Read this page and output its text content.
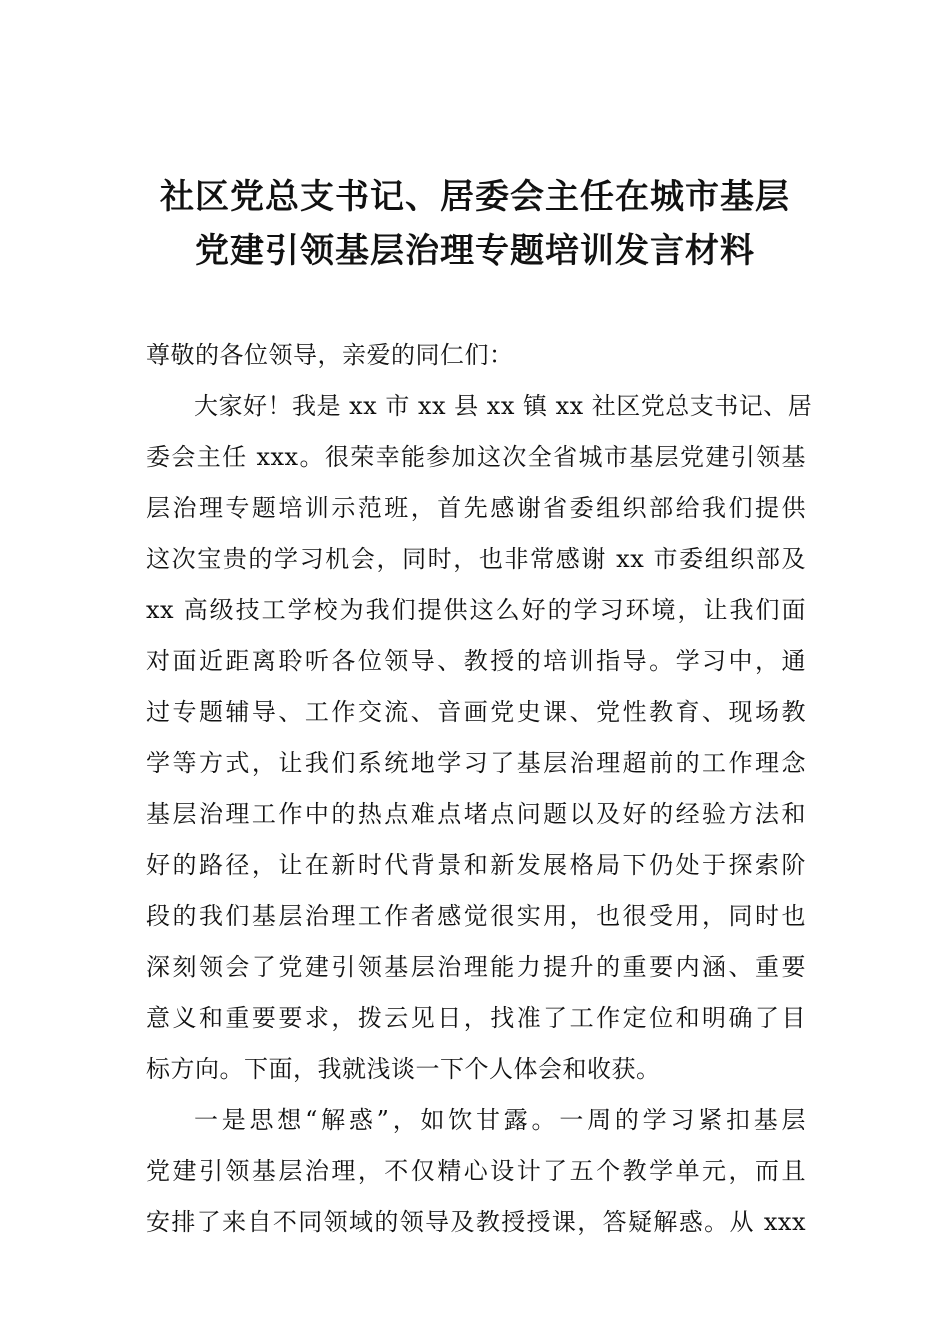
社区党总支书记、居委会主任在城市基层
党建引领基层治理专题培训发言材料
尊敬的各位领导，亲爱的同仁们：
大家好！我是 xx 市 xx 县 xx 镇 xx 社区党总支书记、居
委会主任 xxx。很荣幸能参加这次全省城市基层党建引领基
层治理专题培训示范班，首先感谢省委组织部给我们提供
这次宝贵的学习机会，同时，也非常感谢 xx 市委组织部及
xx 高级技工学校为我们提供这么好的学习环境，让我们面
对面近距离聆听各位领导、教授的培训指导。学习中，通
过专题辅导、工作交流、音画党史课、党性教育、现场教
学等方式，让我们系统地学习了基层治理超前的工作理念
基层治理工作中的热点难点堵点问题以及好的经验方法和
好的路径，让在新时代背景和新发展格局下仍处于探索阶
段的我们基层治理工作者感觉很实用，也很受用，同时也
深刻领会了党建引领基层治理能力提升的重要内涵、重要
意义和重要要求，拨云见日，找准了工作定位和明确了目
标方向。下面，我就浅谈一下个人体会和收获。
一是思想“解惑”，如饮甘露。一周的学习紧扣基层
党建引领基层治理，不仅精心设计了五个教学单元，而且
安排了来自不同领域的领导及教授授课，答疑解惑。从 xxx
